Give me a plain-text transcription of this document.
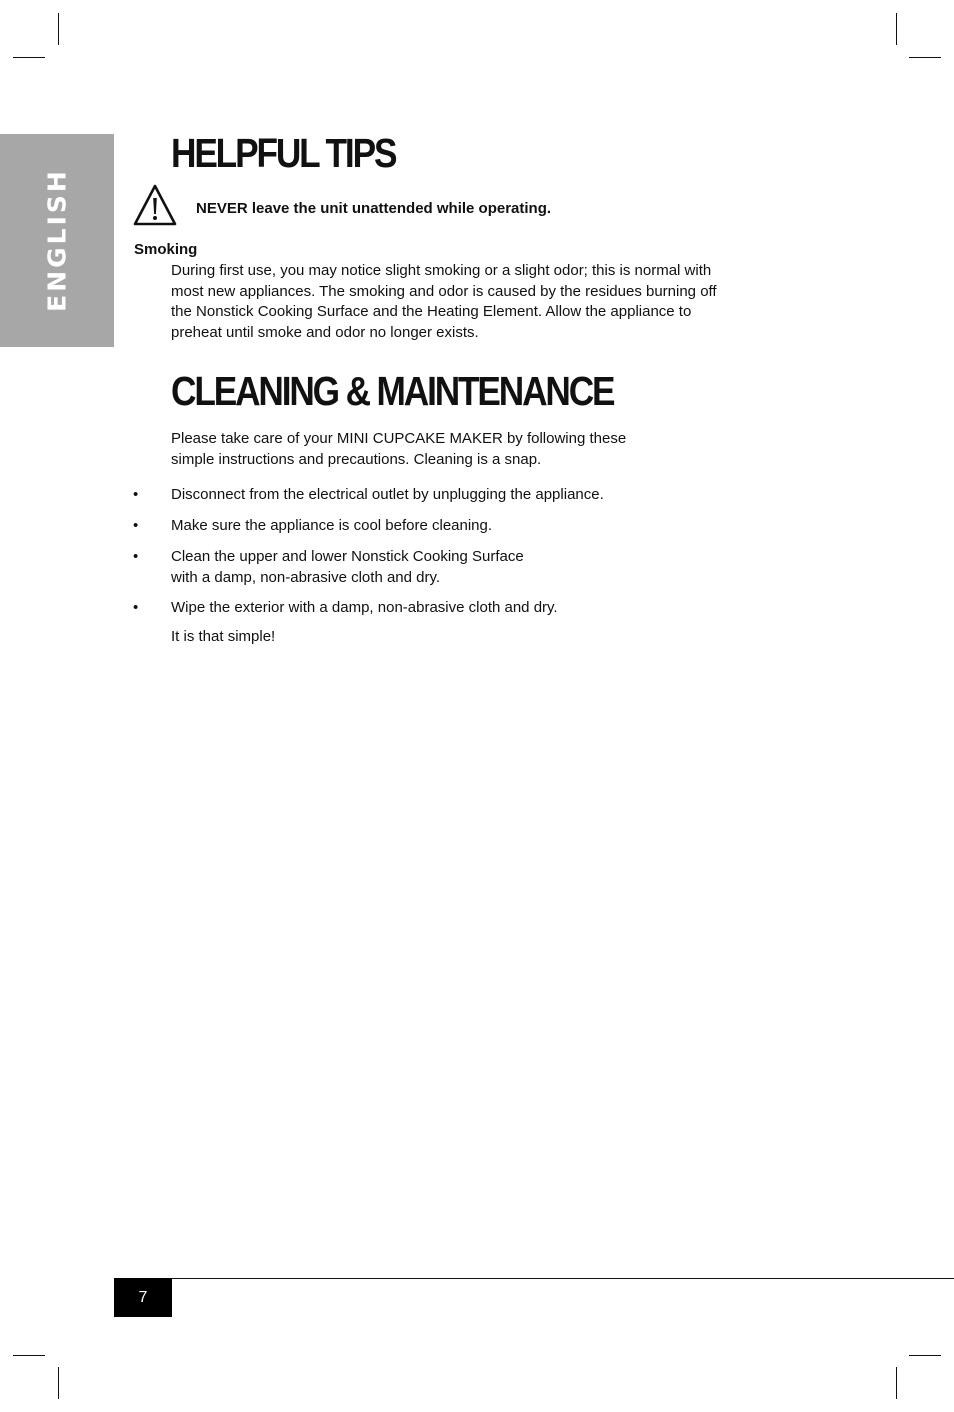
ENGLISH
HELPFUL TIPS
NEVER leave the unit unattended while operating.
Smoking

During first use, you may notice slight smoking or a slight odor; this is normal with most new appliances. The smoking and odor is caused by the residues burning off the Nonstick Cooking Surface and the Heating Element. Allow the appliance to preheat until smoke and odor no longer exists.

CLEANING & MAINTENANCE

Please take care of your MINI CUPCAKE MAKER by following these simple instructions and precautions. Cleaning is a snap.

•	Disconnect from the electrical outlet by unplugging the appliance.
•	Make sure the appliance is cool before cleaning.
•	Clean the upper and lower Nonstick Cooking Surface
with a damp, non-abrasive cloth and dry.
•	Wipe the exterior with a damp, non-abrasive cloth and dry.
It is that simple!
7
